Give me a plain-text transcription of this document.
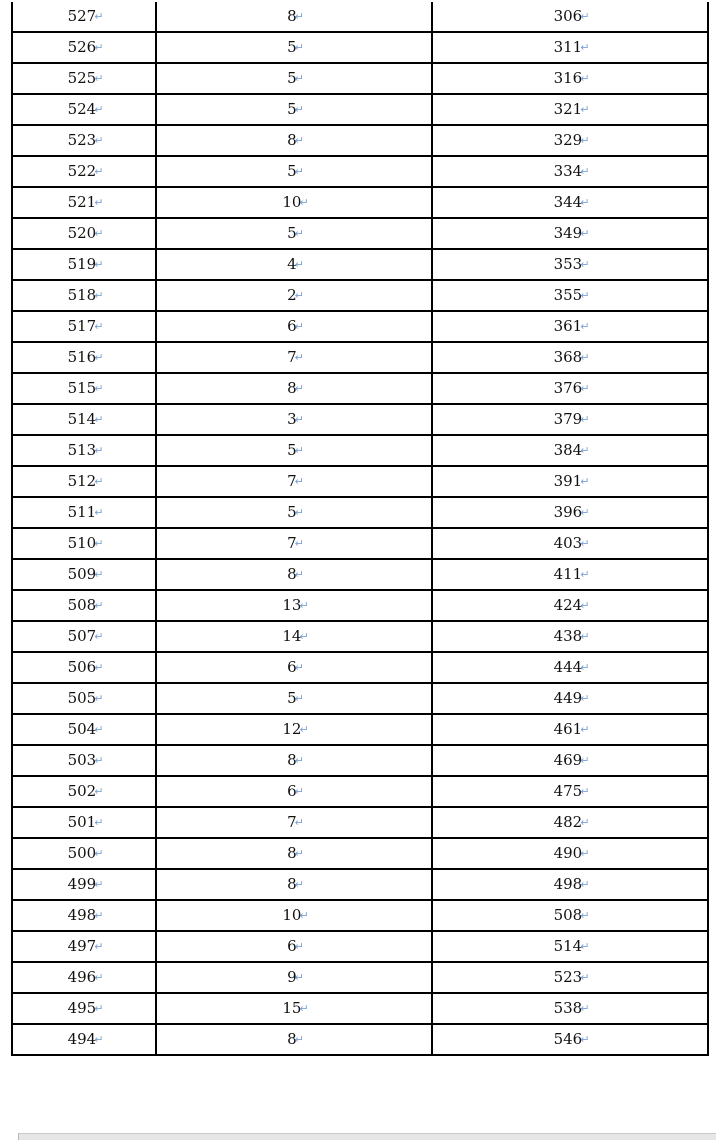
527↵	8↵	306↵
526↵	5↵	311↵
525↵	5↵	316↵
524↵	5↵	321↵
523↵	8↵	329↵
522↵	5↵	334↵
521↵	10↵	344↵
520↵	5↵	349↵
519↵	4↵	353↵
518↵	2↵	355↵
517↵	6↵	361↵
516↵	7↵	368↵
515↵	8↵	376↵
514↵	3↵	379↵
513↵	5↵	384↵
512↵	7↵	391↵
511↵	5↵	396↵
510↵	7↵	403↵
509↵	8↵	411↵
508↵	13↵	424↵
507↵	14↵	438↵
506↵	6↵	444↵
505↵	5↵	449↵
504↵	12↵	461↵
503↵	8↵	469↵
502↵	6↵	475↵
501↵	7↵	482↵
500↵	8↵	490↵
499↵	8↵	498↵
498↵	10↵	508↵
497↵	6↵	514↵
496↵	9↵	523↵
495↵	15↵	538↵
494↵	8↵	546↵
